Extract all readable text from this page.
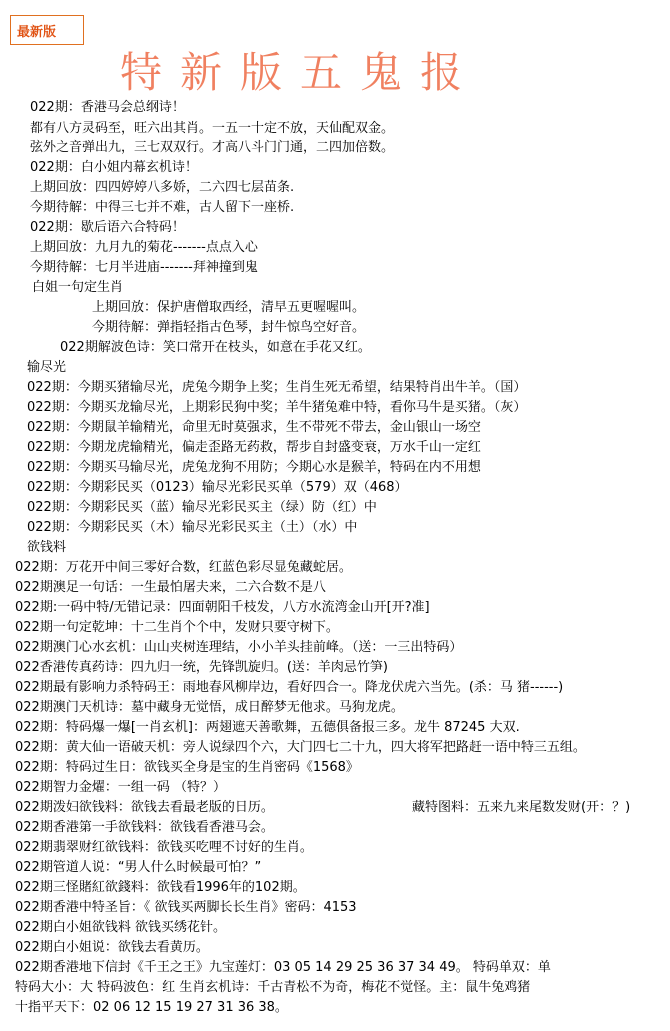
最新版
特新版五鬼报
022期：香港马会总纲诗！
都有八方灵码至，旺六出其肖。一五一十定不放，天仙配双金。
弦外之音弹出九，三七双双行。才高八斗门门通，二四加倍数。
022期：白小姐内幕玄机诗！
上期回放：四四婷婷八多娇，二六四七层苗条.
今期待解：中得三七并不难，古人留下一座桥.
022期：歇后语六合特码！
上期回放：九月九的菊花-------点点入心
今期待解：七月半进庙-------拜神撞到鬼
白姐一句定生肖
上期回放：保护唐僧取西经，清早五更喔喔叫。
今期待解：弹指轻指古色琴，封牛惊鸟空好音。
022期解波色诗：笑口常开在枝头，如意在手花又红。
输尽光
022期：今期买猪输尽光，虎兔今期争上奖；生肖生死无希望，结果特肖出牛羊。（国）
022期：今期买龙输尽光，上期彩民狗中奖；羊牛猪兔难中特，看你马牛是买猪。（灰）
022期：今期鼠羊输精光，命里无时莫强求，生不带死不带去，金山银山一场空
022期：今期龙虎输精光，偏走歪路无药救，帮步自封盛变衰，万水千山一定红
022期：今期买马输尽光，虎兔龙狗不用防；今期心水是猴羊，特码在内不用想
022期：今期彩民买（0123）输尽光彩民买单（579）双（468）
022期：今期彩民买（蓝）输尽光彩民买主（绿）防（红）中
022期：今期彩民买（木）输尽光彩民买主（土）（水）中
欲钱料
022期：万花开中间三零好合数，红蓝色彩尽显兔藏蛇居。
022期澳足一句话：一生最怕屠夫来，二六合数不是八
022期:一码中特/无错记录：四面朝阳千枝发，八方水流湾金山开[开?准]
022期一句定乾坤：十二生肖个个中，发财只要守树下。
022期澳门心水玄机：山山夹树连理结，小小羊头挂前峰。（送：一三出特码）
022香港传真药诗：四九归一统，先锋凯旋归。(送：羊肉忌竹笋)
022期最有影响力杀特码王：雨地春风柳岸边，看好四合一。降龙伏虎六当先。(杀：马 猪------)
022期澳门天机诗：墓中藏身无觉悟，成日醉梦无他求。马狗龙虎。
022期：特码爆一爆[一肖玄机]：两翅遮天善歌舞，五德俱备报三多。龙牛 87245 大双.
022期：黄大仙一语破天机：旁人说绿四个六，大门四七二十九，四大将军把路赶一语中特三五组。
022期：特码过生日：欲钱买全身是宝的生肖密码《1568》
022期智力金燿：一组一码 （特？）
022期泼妇欲钱料：欲钱去看最老版的日历。	藏特图料：五来九来尾数发财(开：？)
022期香港第一手欲钱料：欲钱看香港马会。
022期翡翠财红欲钱料：欲钱买吃哩不讨好的生肖。
022期管道人说：“男人什么时候最可怕？”
022期三怪賭紅欲錢料：欲钱看1996年的102期。
022期香港中特圣旨：《 欲钱买两脚长长生肖》密码：4153
022期白小姐欲钱料 欲钱买绣花针。
022期白小姐说：欲钱去看黄历。
022期香港地下信封《千王之王》九宝莲灯：03 05 14 29 25 36 37 34 49。 特码单双：单
特码大小：大 特码波色：红 生肖玄机诗：千古青松不为奇，梅花不觉怪。主：鼠牛兔鸡猪
十指平天下：02 06 12 15 19 27 31 36 38。
